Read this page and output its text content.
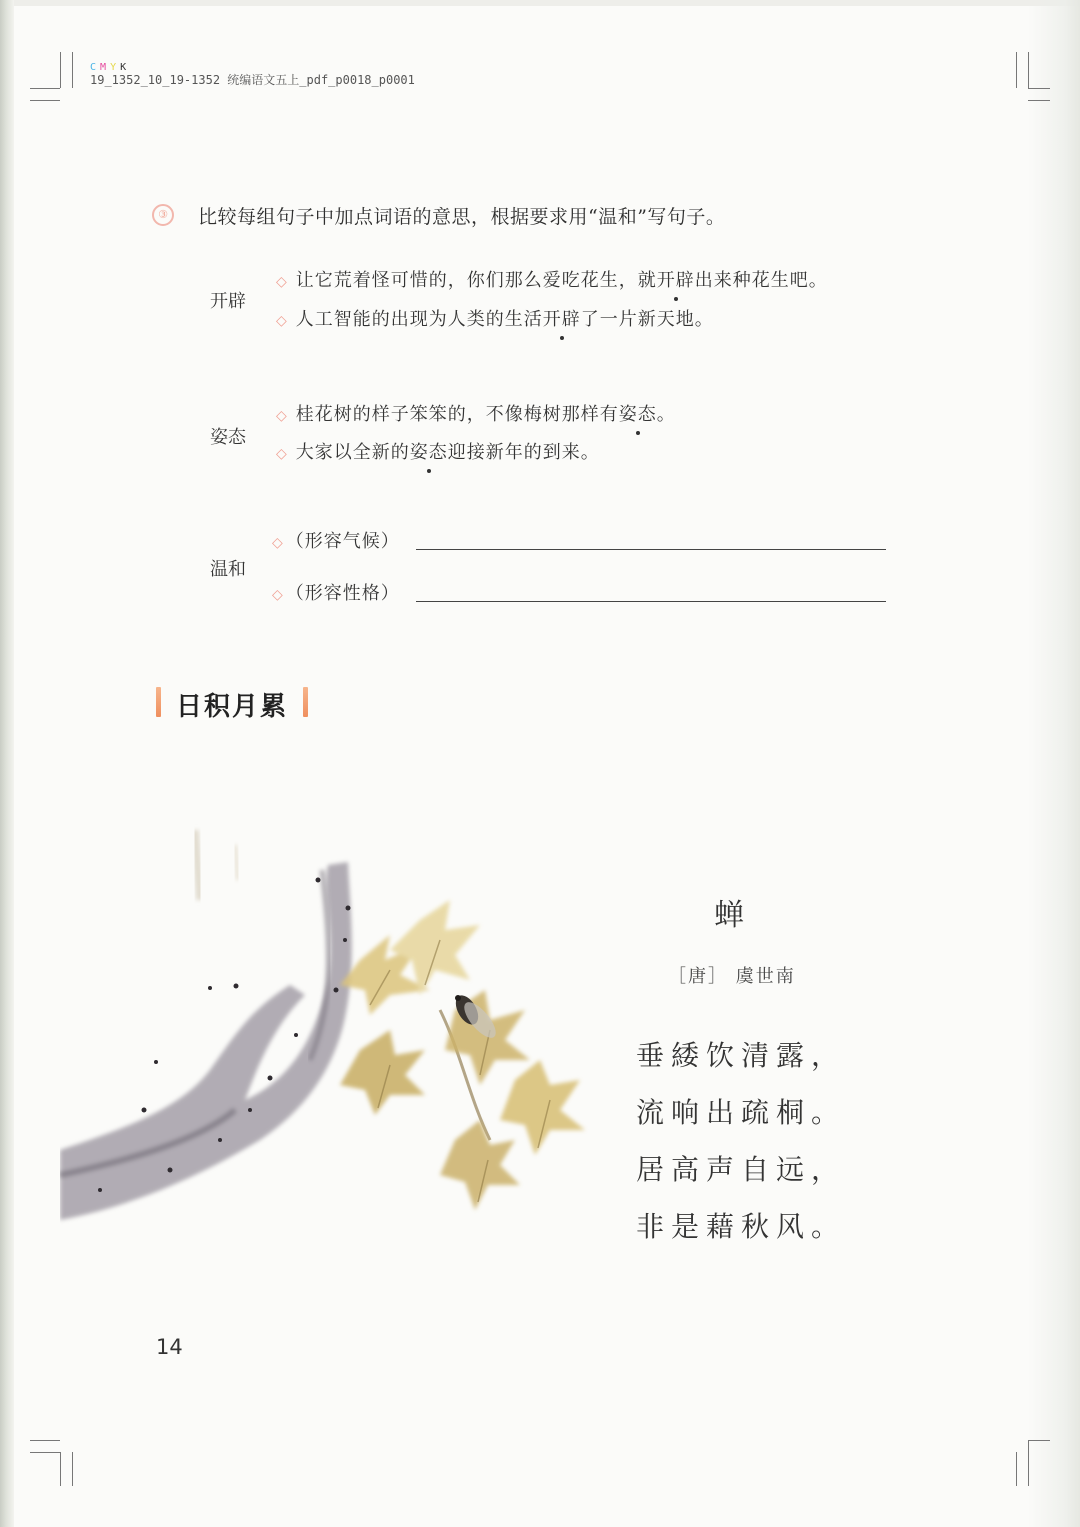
C M Y K
19_1352_10_19-1352 统编语文五上_pdf_p0018_p0001
③	比较每组句子中加点词语的意思，根据要求用“温和”写句子。
开辟
◇ 让它荒着怪可惜的，你们那么爱吃花生，就开辟出来种花生吧。
◇ 人工智能的出现为人类的生活开辟了一片新天地。
姿态
◇ 桂花树的样子笨笨的，不像梅树那样有姿态。
◇ 大家以全新的姿态迎接新年的到来。
温和
◇ （形容气候）
◇ （形容性格）
日积月累
蝉
［唐］ 虞世南
垂緌饮清露，
流响出疏桐。
居高声自远，
非是藉秋风。
14
